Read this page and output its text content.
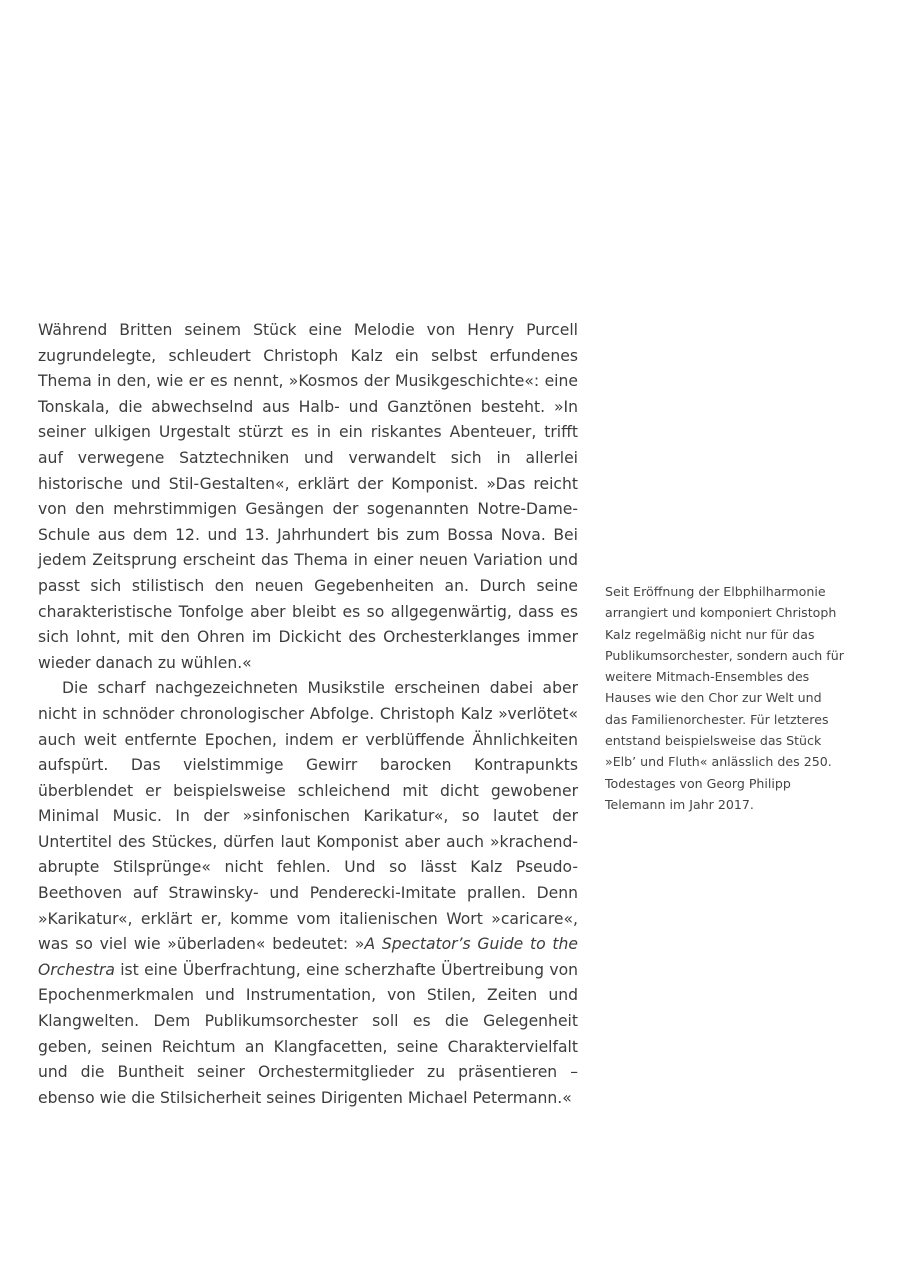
Während Britten seinem Stück eine Melodie von Henry Purcell zugrundelegte, schleudert Christoph Kalz ein selbst erfundenes Thema in den, wie er es nennt, »Kosmos der Musikgeschichte«: eine Tonskala, die abwechselnd aus Halb- und Ganztönen besteht. »In seiner ulkigen Urgestalt stürzt es in ein riskantes Abenteuer, trifft auf verwegene Satztechniken und verwandelt sich in allerlei historische und Stil-Gestalten«, erklärt der Komponist. »Das reicht von den mehrstimmigen Gesängen der sogenannten Notre-Dame-Schule aus dem 12. und 13. Jahrhundert bis zum Bossa Nova. Bei jedem Zeitsprung erscheint das Thema in einer neuen Variation und passt sich stilistisch den neuen Gegebenheiten an. Durch seine charakteristische Tonfolge aber bleibt es so allgegenwärtig, dass es sich lohnt, mit den Ohren im Dickicht des Orchesterklanges immer wieder danach zu wühlen.«

Die scharf nachgezeichneten Musikstile erscheinen dabei aber nicht in schnöder chronologischer Abfolge. Christoph Kalz »verlötet« auch weit entfernte Epochen, indem er verblüffende Ähnlichkeiten aufspürt. Das vielstimmige Gewirr barocken Kontrapunkts überblendet er beispielsweise schleichend mit dicht gewobener Minimal Music. In der »sinfonischen Karikatur«, so lautet der Untertitel des Stückes, dürfen laut Komponist aber auch »krachend-abrupte Stilsprünge« nicht fehlen. Und so lässt Kalz Pseudo-Beethoven auf Strawinsky- und Penderecki-Imitate prallen. Denn »Karikatur«, erklärt er, komme vom italienischen Wort »caricare«, was so viel wie »überladen« bedeutet: »A Spectator’s Guide to the Orchestra ist eine Überfrachtung, eine scherzhafte Übertreibung von Epochenmerkmalen und Instrumentation, von Stilen, Zeiten und Klangwelten. Dem Publikumsorchester soll es die Gelegenheit geben, seinen Reichtum an Klangfacetten, seine Charaktervielfalt und die Buntheit seiner Orchestermitglieder zu präsentieren – ebenso wie die Stilsicherheit seines Dirigenten Michael Petermann.«

Seit Eröffnung der Elbphilharmonie arrangiert und komponiert Christoph Kalz regelmäßig nicht nur für das Publikumsorchester, sondern auch für weitere Mitmach-Ensembles des Hauses wie den Chor zur Welt und das Familienorchester. Für letzteres entstand beispielsweise das Stück »Elb’ und Fluth« anlässlich des 250. Todestages von Georg Philipp Telemann im Jahr 2017.
